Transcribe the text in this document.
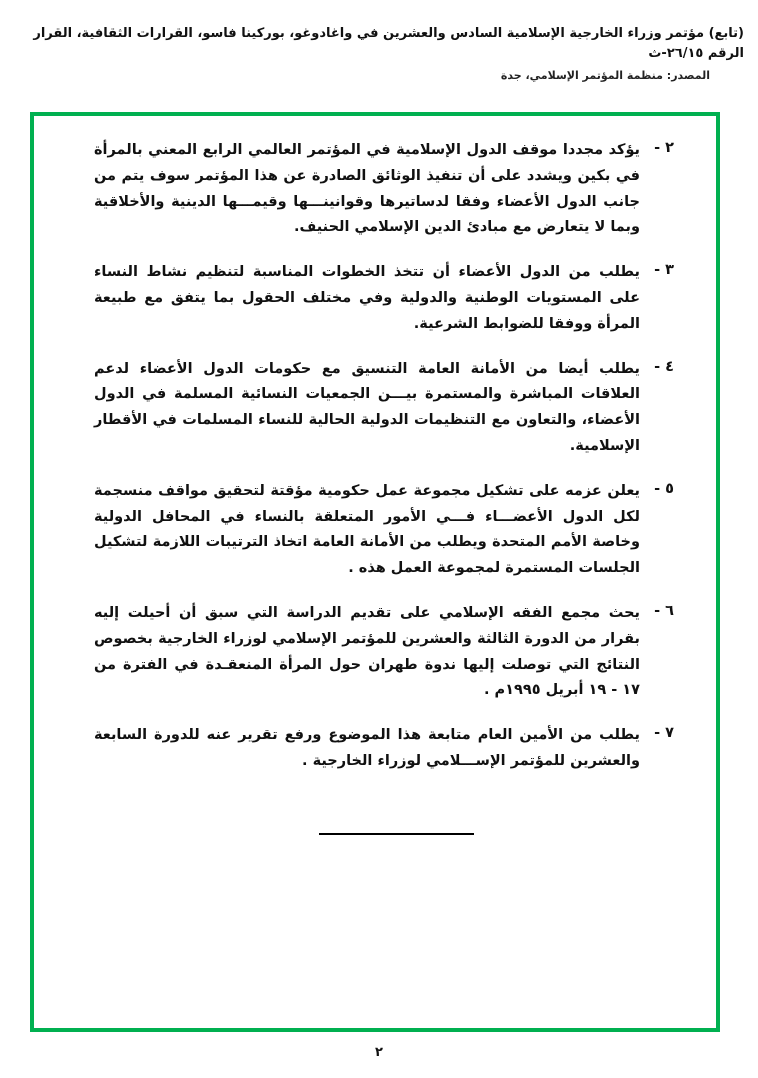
(تابع) مؤتمر وزراء الخارجية الإسلامية السادس والعشرين في واغادوغو، بوركينا فاسو، القرارات الثقافية، القرار الرقم ٢٦/١٥-ث
المصدر: منظمة المؤتمر الإسلامي، جدة
٢ -

يؤكد مجددا موقف الدول الإسلامية في المؤتمر العالمي الرابع المعني بالمرأة في بكين ويشدد على أن تنفيذ الوثائق الصادرة عن هذا المؤتمر سوف يتم من جانب الدول الأعضاء وفقا لدساتيرها وقوانينـــها وقيمـــها الدينية والأخلاقية وبما لا يتعارض مع مبادئ الدين الإسلامي الحنيف.

٣ -

يطلب من الدول الأعضاء أن تتخذ الخطوات المناسبة لتنظيم نشاط النساء على المستويات الوطنية والدولية وفي مختلف الحقول بما يتفق مع طبيعة المرأة ووفقا للضوابط الشرعية.

٤ -

يطلب أيضا من الأمانة العامة التنسيق مع حكومات الدول الأعضاء لدعم العلاقات المباشرة والمستمرة بيـــن الجمعيات النسائية المسلمة في الدول الأعضاء، والتعاون مع التنظيمات الدولية الحالية للنساء المسلمات في الأقطار الإسلامية.

٥ -

يعلن عزمه على تشكيل مجموعة عمل حكومية مؤقتة لتحقيق مواقف منسجمة لكل الدول الأعضـــاء فـــي الأمور المتعلقة بالنساء في المحافل الدولية وخاصة الأمم المتحدة ويطلب من الأمانة العامة اتخاذ الترتيبات اللازمة لتشكيل الجلسات المستمرة لمجموعة العمل هذه .

٦ -

يحث مجمع الفقه الإسلامي على تقديم الدراسة التي سبق أن أحيلت إليه بقرار من الدورة الثالثة والعشرين للمؤتمر الإسلامي لوزراء الخارجية بخصوص النتائج التي توصلت إليها ندوة طهران حول المرأة المنعقـدة في الفترة من ١٧ - ١٩ أبريل ١٩٩٥م .

٧ -

يطلب من الأمين العام متابعة هذا الموضوع ورفع تقرير عنه للدورة السابعة والعشرين للمؤتمر الإســـلامي لوزراء الخارجية .

٢
